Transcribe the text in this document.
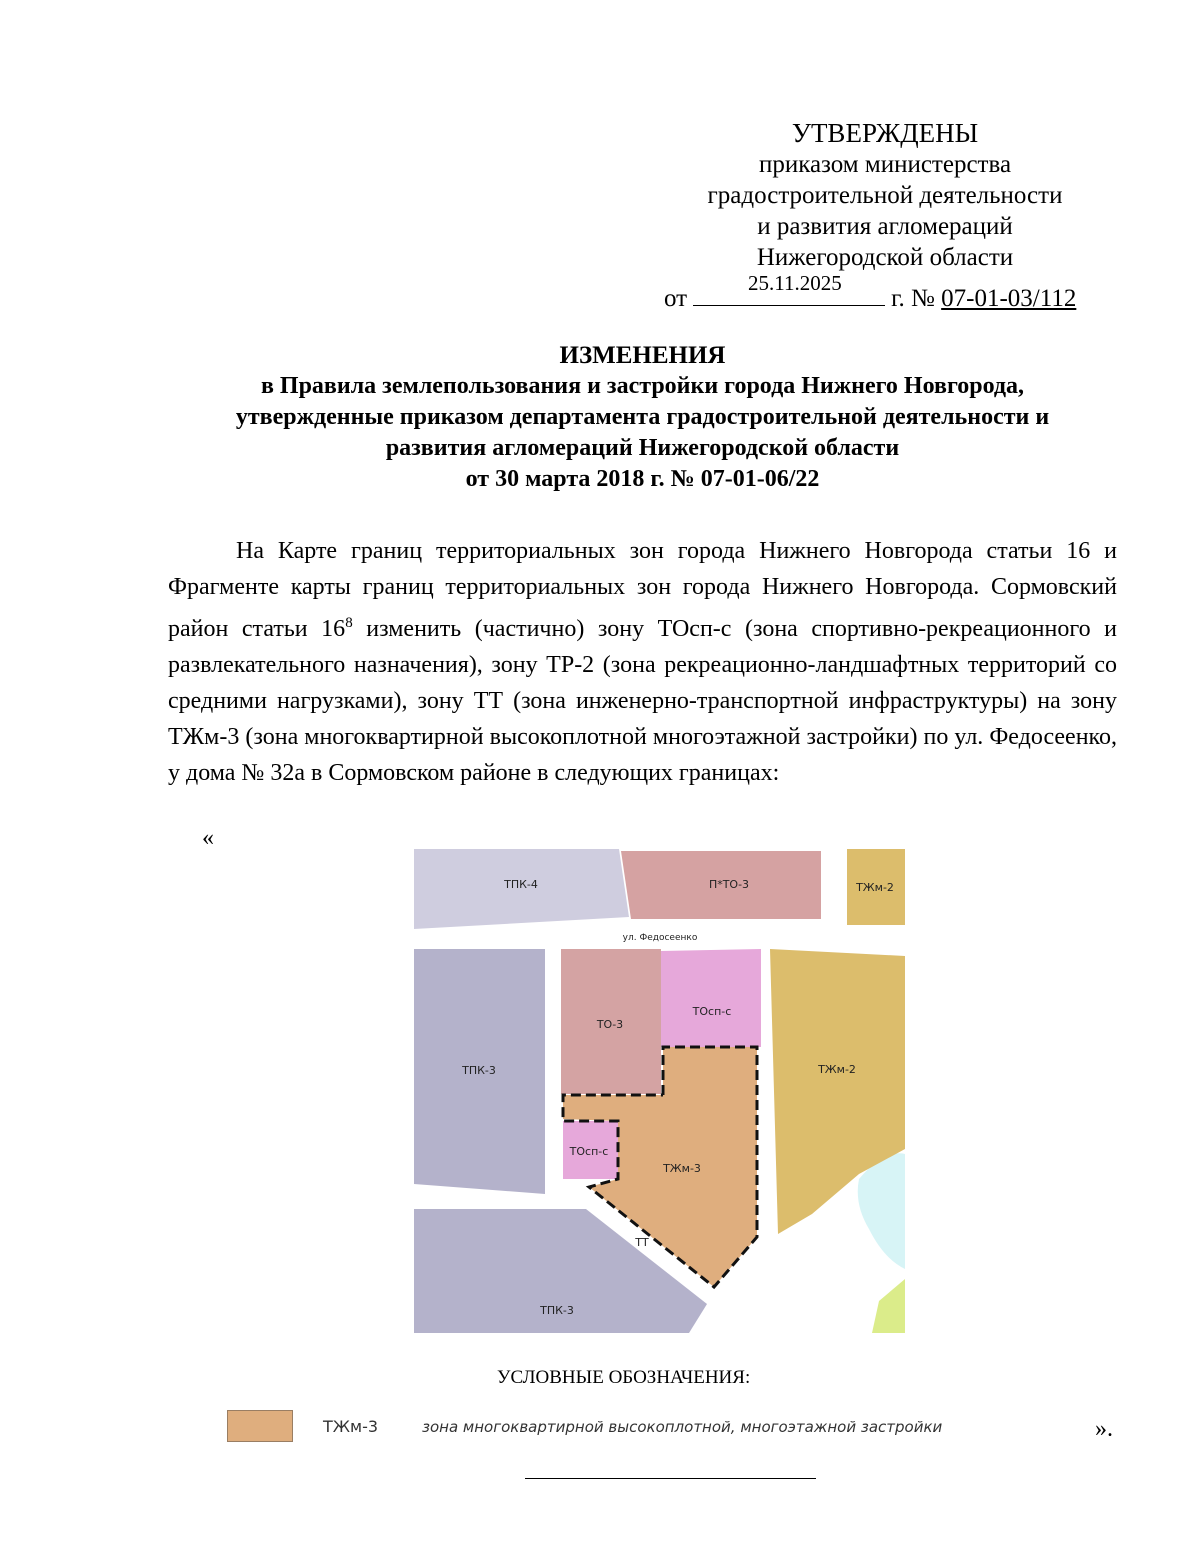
УТВЕРЖДЕНЫ
приказом министерства
градостроительной деятельности
и развития агломераций
Нижегородской области
от	г. № 07-01-03/112
25.11.2025
ИЗМЕНЕНИЯ
в Правила землепользования и застройки города Нижнего Новгорода,
утвержденные приказом департамента градостроительной деятельности и
развития агломераций Нижегородской области
от 30 марта 2018 г. № 07-01-06/22
На Карте границ территориальных зон города Нижнего Новгорода статьи 16 и Фрагменте карты границ территориальных зон города Нижнего Новгорода. Сормовский район статьи $16^8$ изменить (частично) зону ТОсп-с (зона спортивно-рекреационного и развлекательного назначения), зону ТР-2 (зона рекреационно-ландшафтных территорий со средними нагрузками), зону ТТ (зона инженерно-транспортной инфраструктуры) на зону ТЖм-3 (зона многоквартирной высокоплотной многоэтажной застройки) по ул. Федосеенко, у дома № 32а в Сормовском районе в следующих границах:
«
ул. Федосеенко
ТПК-4	П*ТО-3	ТЖм-2
ТПК-3
ТО-3
ТОсп-с
ТЖм-2
ТОсп-с
ТЖм-3
ТТ
ТПК-3
УСЛОВНЫЕ ОБОЗНАЧЕНИЯ:
ТЖм-3	зона многоквартирной высокоплотной, многоэтажной застройки	».
